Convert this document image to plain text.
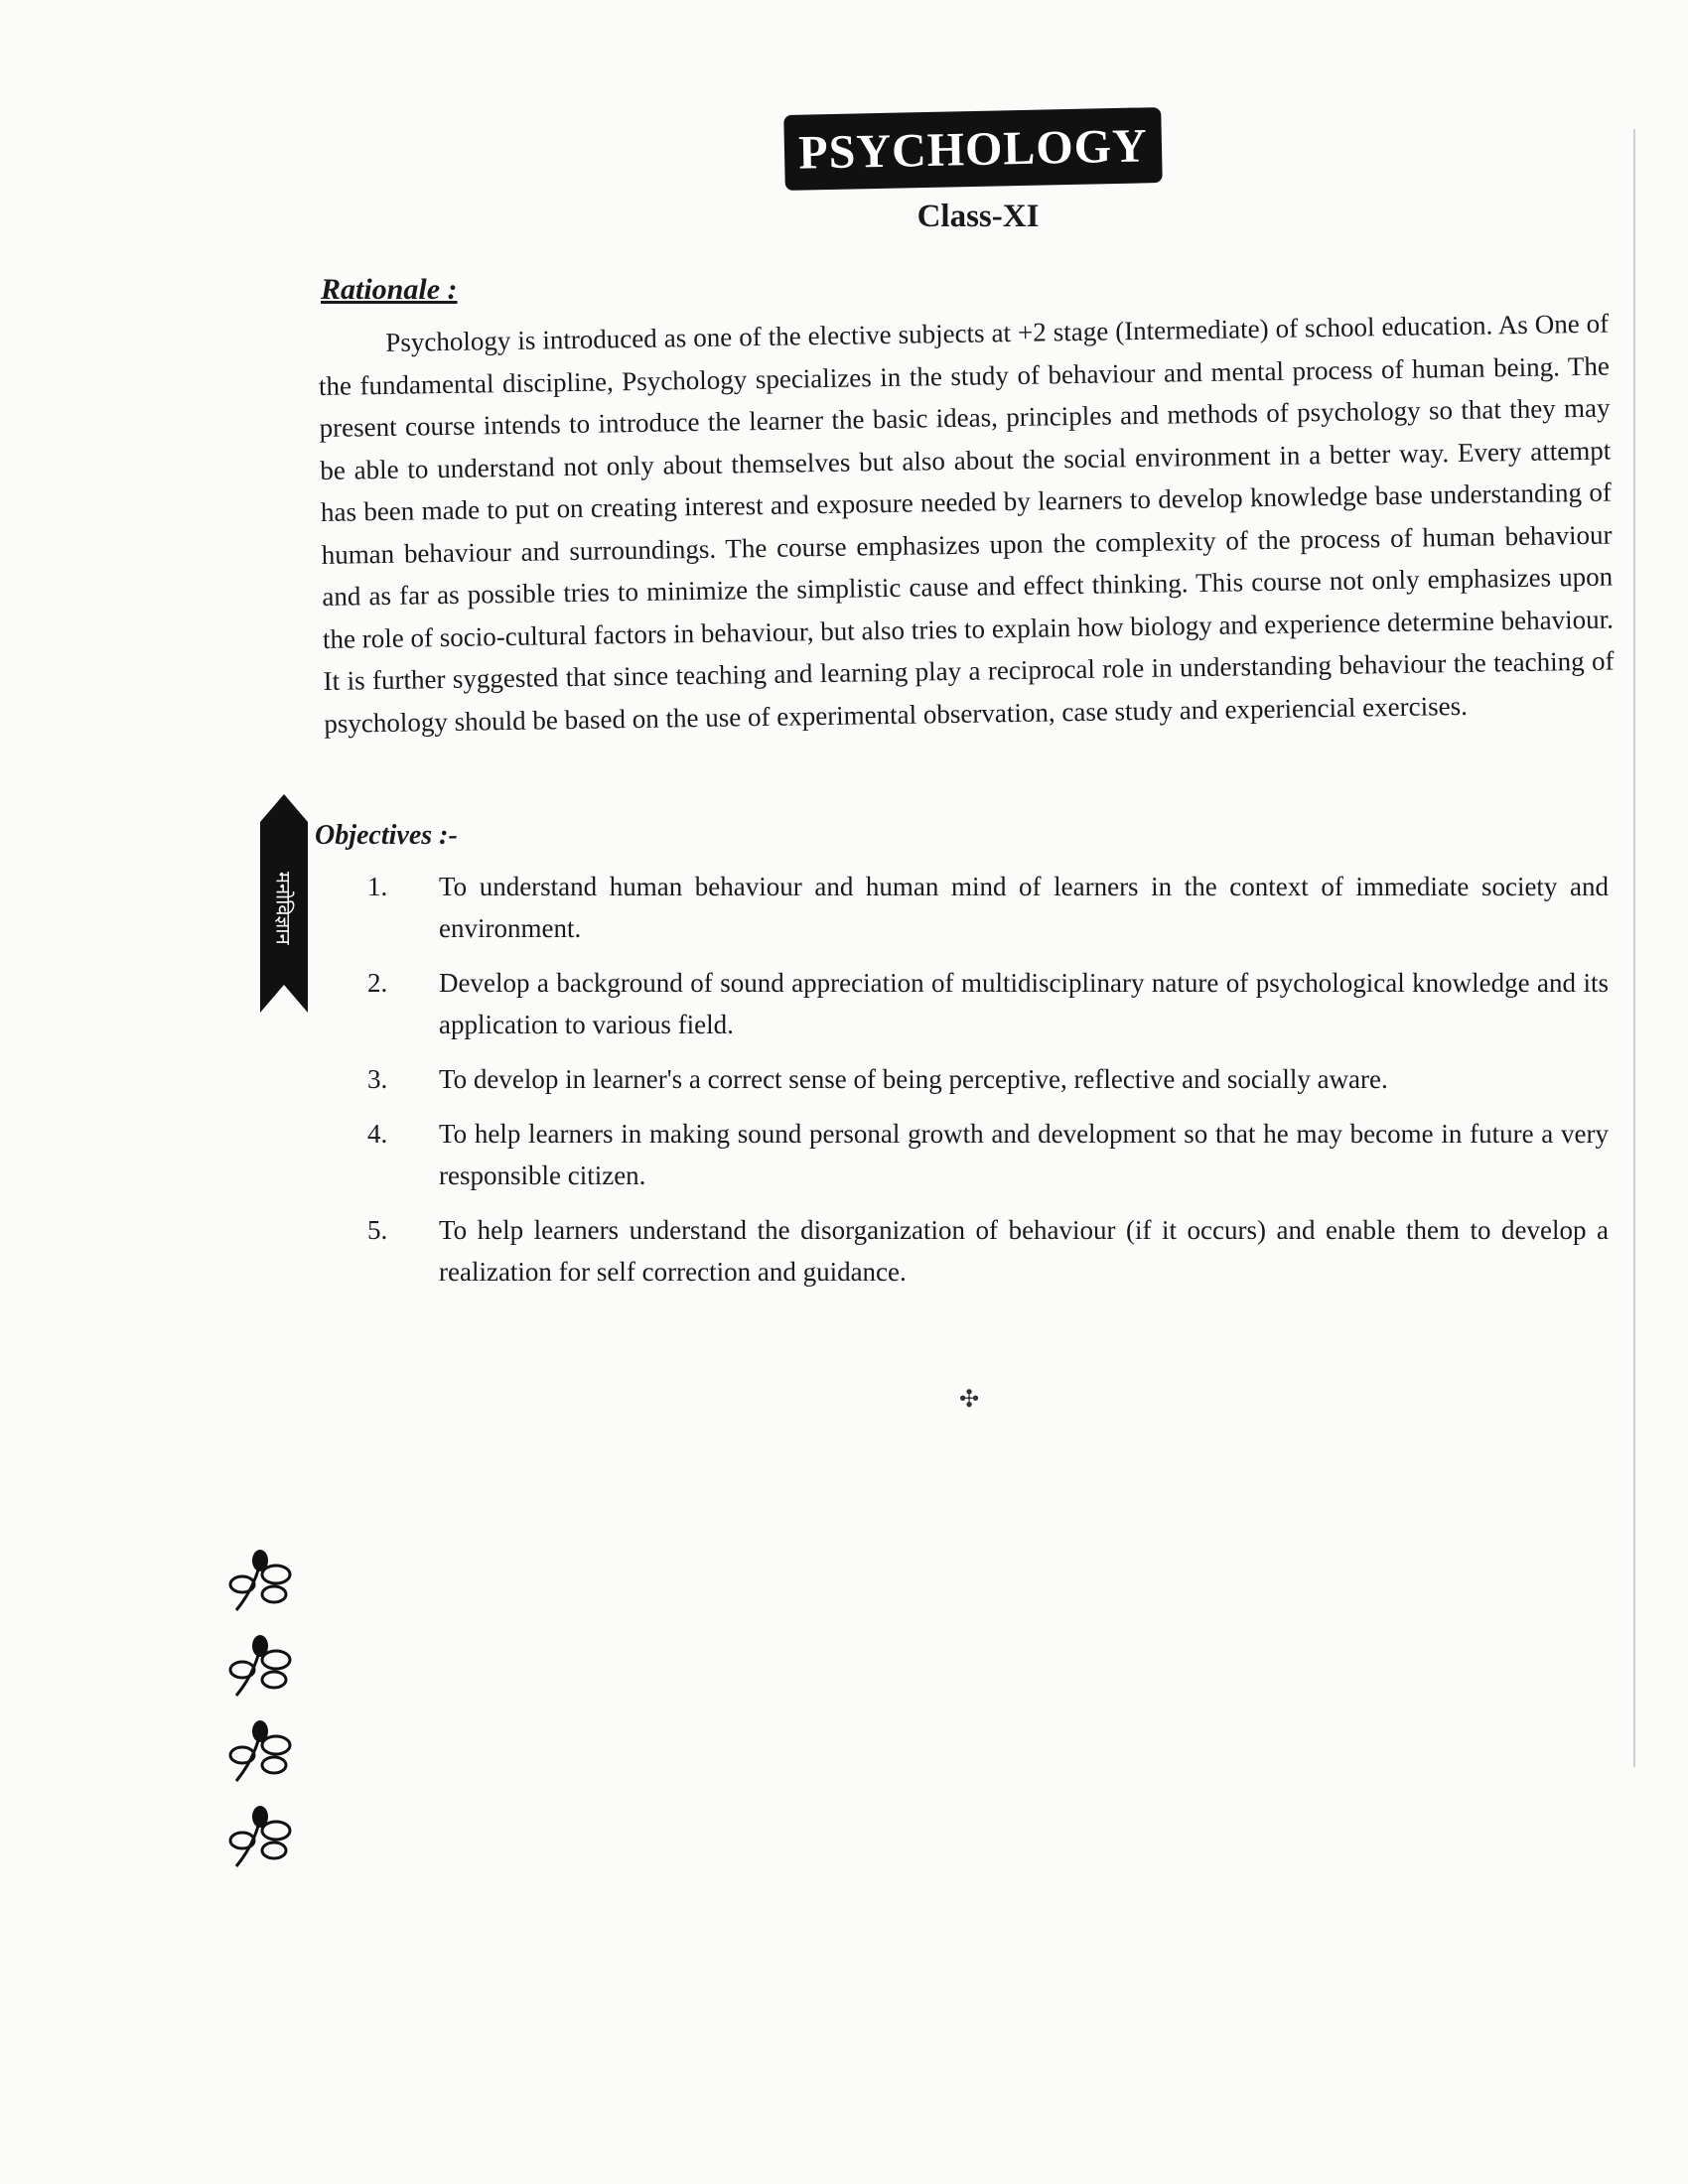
PSYCHOLOGY
Class-XI
Rationale :

Psychology is introduced as one of the elective subjects at +2 stage (Intermediate) of school education. As One of the fundamental discipline, Psychology specializes in the study of behaviour and mental process of human being. The present course intends to introduce the learner the basic ideas, principles and methods of psychology so that they may be able to understand not only about themselves but also about the social environment in a better way. Every attempt has been made to put on creating interest and exposure needed by learners to develop knowledge base understanding of human behaviour and surroundings. The course emphasizes upon the complexity of the process of human behaviour and as far as possible tries to minimize the simplistic cause and effect thinking. This course not only emphasizes upon the role of socio-cultural factors in behaviour, but also tries to explain how biology and experience determine behaviour. It is further syggested that since teaching and learning play a reciprocal role in understanding behaviour the teaching of psychology should be based on the use of experimental observation, case study and experiencial exercises.

मनोविज्ञान
Objectives :-
1.	To understand human behaviour and human mind of learners in the context of immediate society and environment.
2.	Develop a background of sound appreciation of multidisciplinary nature of psychological knowledge and its application to various field.
3.	To develop in learner's a correct sense of being perceptive, reflective and socially aware.
4.	To help learners in making sound personal growth and development so that he may become in future a very responsible citizen.
5.	To help learners understand the disorganization of behaviour (if it occurs) and enable them to develop a realization for self correction and guidance.
✣
